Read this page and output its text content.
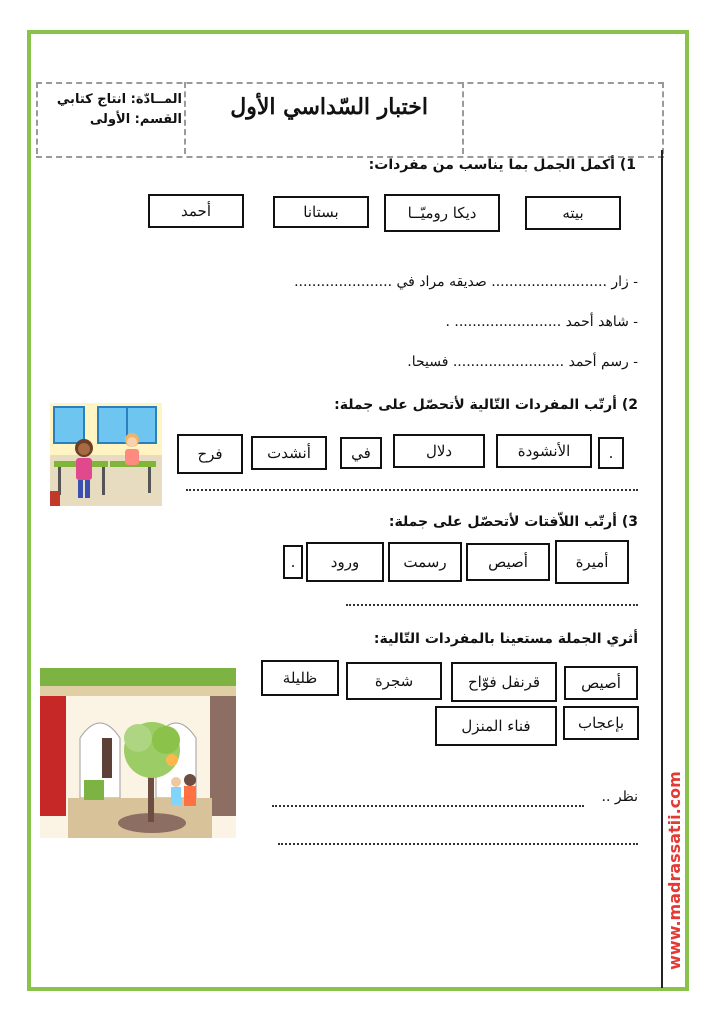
المــادّة: انتاج كتابي
القسم: الأولى اختبار السّداسي الأول
1) أكمل الجمل بما يناسب من مفردات:
بيته
ديكا روميّــا
بستانا
أحمد
- زار .......................... صديقه مراد في ......................
- شاهد أحمد ........................ .
- رسم أحمد ......................... فسيحا.
2) أرتّب المفردات التّالية لأتحصّل على جملة:
.
الأنشودة
دلال
في
أنشدت
فرح
3) أرتّب اللاّفتات لأتحصّل على جملة:
أميرة
أصيص
رسمت
ورود
.
أثري الجملة مستعينا بالمفردات التّالية:
أصيص
قرنفل فوّاح
شجرة
ظليلة
بإعجاب
فناء المنزل
نظر .. www.madrassatii.com
